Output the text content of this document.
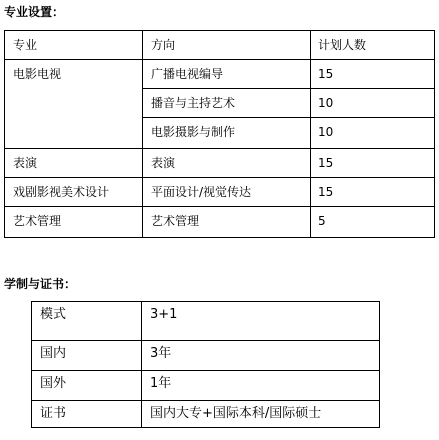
专业设置：
专业	方向	计划人数

电影电视	广播电视编导	15

	播音与主持艺术	10

	电影摄影与制作	10

表演	表演	15

戏剧影视美术设计	平面设计/视觉传达	15

艺术管理	艺术管理	5
学制与证书：
模式	3+1

国内	3年

国外	1年

证书	国内大专+国际本科/国际硕士
